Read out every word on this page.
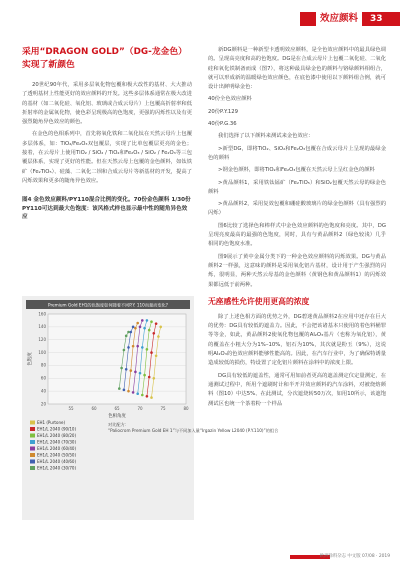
效应颜料	33
采用“DRAGON GOLD”（DG-龙金色）实现了新颜色

20世纪90年代，采用多层氧化物包覆和极大改性的基材、大大推动了透明基材上性能更好的效应颜料的开发。这些多层体系通常在极大改进的基材（如二氧化硅、氧化铝、玻璃或合成云母片）上包覆高折射率和低折射率的金属氧化物，使色彩呈现极高的色饱度，更强的闪烁性以及有更强烈随角异色效应的颜色。

在金色的色相系列中，首先将氧化铁和二氧化钛在天然云母片上包覆多层体系，如：TiO₂/Fe₂O₃双包覆层，实现了比单包覆层更亮的金色；接着，在云母片上使用TiO₂ / SiO₂ / TiO₂和Fe₂O₃ / SiO₂ / Fe₂O₃等三包覆层体系，实现了更好的性能。但在天然云母上包覆的金色颜料，如钛铁矿（Fe₂TiO₅）、硅藻、二氧化二钡和合成云母片等新基材的开发，提高了闪烁效果和更多的随角异色效应。

图4 金色效应颜料/PY110混合比例的变化。70份金色颜料 1/30份PY110可达到最大色饱度：该风格式样也显示最中性的随角异色效应
Premium Gold EH1的色饱度如何随着不同P.Y. 110而量而变化?
20
40
60
80
100
120
140
160
55	60	65	70	75	80
色饱度
色相角度
EH1 (Purtone)
EH1/L 2040 (90/10)
EH1/L 2040 (80/20)
EH1/L 2040 (70/30)
EH1/L 2040 (60/40)
EH1/L 2040 (50/50)
EH1/L 2040 (40/60)
EH1/L 2040 (30/70)
对比配方：“Paliocrom Premium Gold EH 1”与不同加入量“Irgazin Yellow L2040 (P.Y.110)”的组合

新DG颜料是一种新型卡透明效应颜料，是全色效应颜料中的最具绿色调的。呈现高亮度和高的色饱度。DG是在合成云母片上包覆二氧化硅、二氧化硅和氧化铁制备而成（图7），将这种最具绿金色的颜料与铬绿颜料相组合，就可以形成新的温暖绿色效应颜色，在底色漆中使用以下颜料组合例，就可设计出鲜明绿金色：

40份全色效应颜料

20份P.Y.129

40份P.G.36

我们选择了以下颜料来测试来金色效应：

>新型DG，即将TiO₂、SiO₂和Fe₂O₃包覆在合成云母片上呈现的最绿金色的颜料

>钢金色颜料，即将TiO₂和Fe₂O₃包覆在天然云母上呈红金色的颜料

>黄品颜料1，采用铁钛锰矿（Fe₂TiO₅）和SiO₂包覆天然云母的绿金色颜料

>黄品颜料2，采用复效包覆和硼硅酸玻璃片的绿金色颜料（具有强烈的闪烁）

图6比较了选择色和棒样式中金色效应颜料的色饱度和亮度。其中，DG呈现亮度最高的最强的色饱度，同时，具有与黄品颜料2（绿色较浅）几乎相同的色饱度水准。

图9展示了黄中金属分类下的一种金色效应颜料的闪烁效果。DG与黄品颜料2一样强，这意味的颜料是采用氧化铝片基材，设计用于产生强烈的闪烁，很明显，两种天然云母基的金色颜料（黄钢色和黄品颜料1）的闪烁效果都远低于前两种。

无座感性允许使用更高的浓度

除了上述色相方面的优势之外，DG碧迷黄品颜料2在应用中还存在巨大的优势：DG具有较低的遮盖力。因此，不会把该诸基本只使用的着色料桶罪等等金，如此，黄品颜料2使氧化物包覆的Al₂O₃基片（也称为氧化铝），黄的覆盖在小粗大分为1%–10%，铝石为10%，其次就是粉玉（9%），这说明Al₂O₃的色效应颜料能够性能高的。因此，在汽车行业中，为了确保特诱量造成较低的损伤，特设置了定化铝片颜料在涂料中的浓度上限。

DG具有较低的遮盖性，通常可用如前者更高的遮盖测定仪定量测定，在通测试过程中，所用个遮刷时计和半开并效应颜料的汽车涂料，对被烧熔颜料（图10）中达5%、在此测试，分次遮烧转50万次，如用10所示，该遮饱测试区也统一个茶着粉一个样品

欧洲涂料杂志 中文版 07/08 · 2019
